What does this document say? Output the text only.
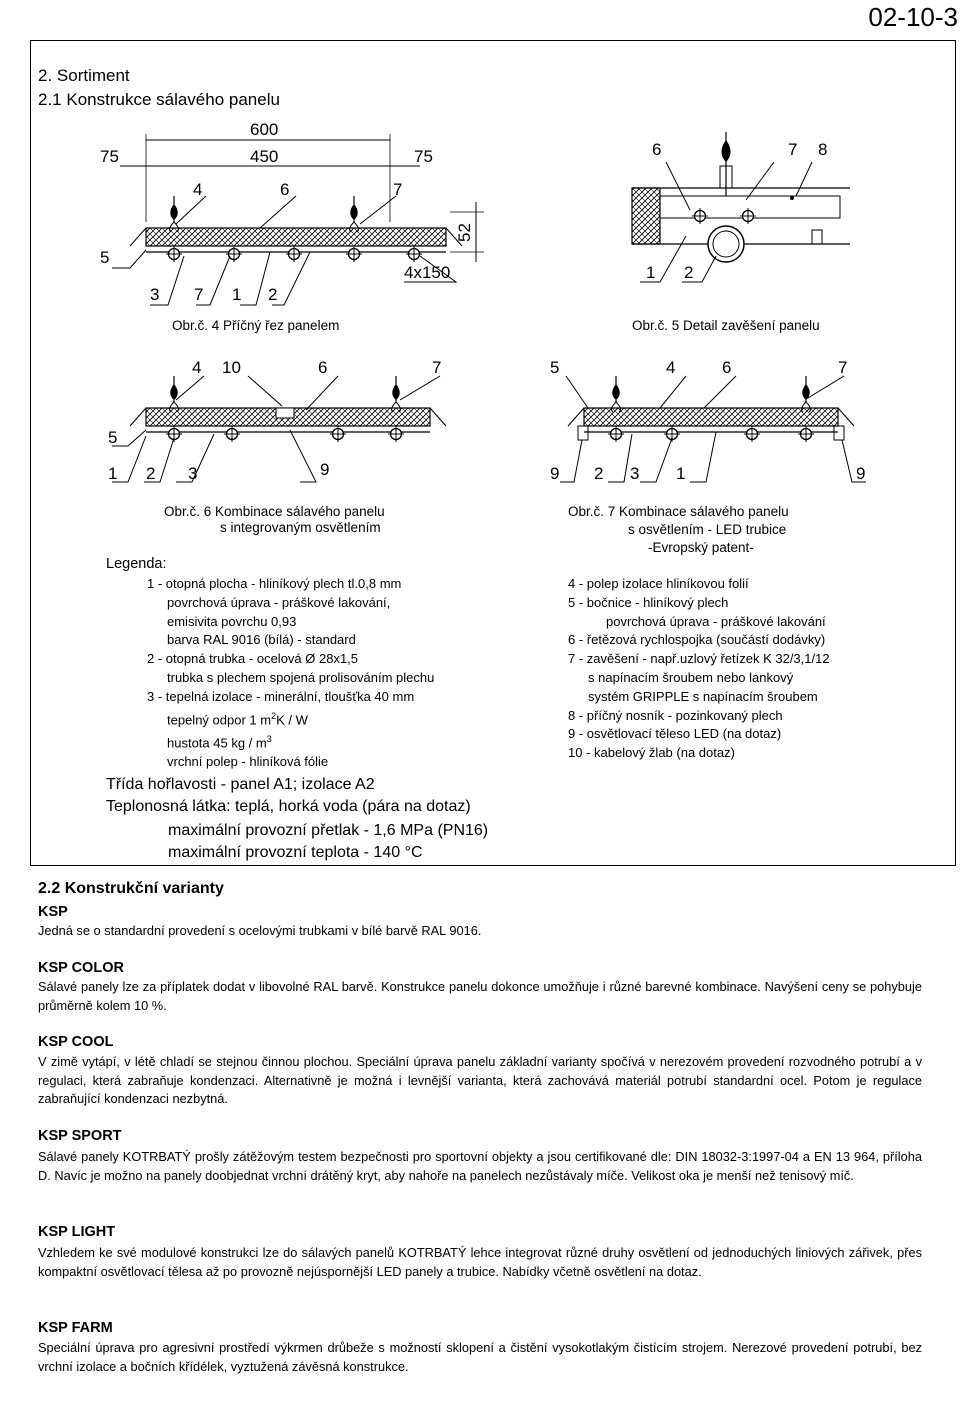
02-10-3
2. Sortiment
2.1 Konstrukce sálavého panelu
600
75	450	75
52
4x150
5
4	6	7
3 7 1 2
Obr.č. 4 Příčný řez panelem
6	7 8
1 2
Obr.č. 5 Detail zavěšení panelu
4 10	6	7
5
1 2 3	9
Obr.č. 6 Kombinace sálavého panelu
s integrovaným osvětlením
5	4	6	7
9 2 3 1	9
Obr.č. 7 Kombinace sálavého panelu
s osvětlením - LED trubice
-Evropský patent-
Legenda:
1 - otopná plocha - hliníkový plech tl.0,8 mm
povrchová úprava - práškové lakování,
emisivita povrchu 0,93
barva RAL 9016 (bílá) - standard
2 - otopná trubka - ocelová Ø 28x1,5
trubka s plechem spojená prolisováním plechu
3 - tepelná izolace - minerální, tloušťka 40 mm
tepelný odpor 1 $m^2K$ / W
hustota 45 kg / $m^3$
vrchní polep - hliníková fólie
4 - polep izolace hliníkovou folií
5 - bočnice - hliníkový plech
povrchová úprava - práškové lakování
6 - řetězová rychlospojka (součástí dodávky)
7 - zavěšení - např.uzlový řetízek K 32/3,1/12
s napínacím šroubem nebo lankový
systém GRIPPLE s napínacím šroubem
8 - příčný nosník - pozinkovaný plech
9 - osvětlovací těleso LED (na dotaz)
10 - kabelový žlab (na dotaz)
Třída hořlavosti - panel A1; izolace A2
Teplonosná látka: teplá, horká voda (pára na dotaz)
maximální provozní přetlak - 1,6 MPa (PN16)
maximální provozní teplota - 140 °C
2.2 Konstrukční varianty
KSP
Jedná se o standardní provedení s ocelovými trubkami v bílé barvě RAL 9016.
KSP COLOR
Sálavé panely lze za příplatek dodat v libovolné RAL barvě. Konstrukce panelu dokonce umožňuje i různé barevné kombinace. Navýšení ceny se pohybuje průměrně kolem 10 %.
KSP COOL
V zimě vytápí, v létě chladí se stejnou činnou plochou. Speciální úprava panelu základní varianty spočívá v nerezovém provedení rozvodného potrubí a v regulaci, která zabraňuje kondenzaci. Alternativně je možná i levnější varianta, která zachovává materiál potrubí standardní ocel. Potom je regulace zabraňující kondenzaci nezbytná.
KSP SPORT
Sálavé panely KOTRBATÝ prošly zátěžovým testem bezpečnosti pro sportovní objekty a jsou certifikované dle: DIN 18032-3:1997-04 a EN 13 964, příloha D. Navíc je možno na panely doobjednat vrchní drátěný kryt, aby nahoře na panelech nezůstávaly míče. Velikost oka je menší než tenisový míč.
KSP LIGHT
Vzhledem ke své modulové konstrukci lze do sálavých panelů KOTRBATÝ lehce integrovat různé druhy osvětlení od jednoduchých liniových zářivek, přes kompaktní osvětlovací tělesa až po provozně nejúspornější LED panely a trubice. Nabídky včetně osvětlení na dotaz.
KSP FARM
Speciální úprava pro agresivní prostředí výkrmen drůbeže s možností sklopení a čistění vysokotlakým čistícím strojem. Nerezové provedení potrubí, bez vrchní izolace a bočních křídélek, vyztužená závěsná konstrukce.
